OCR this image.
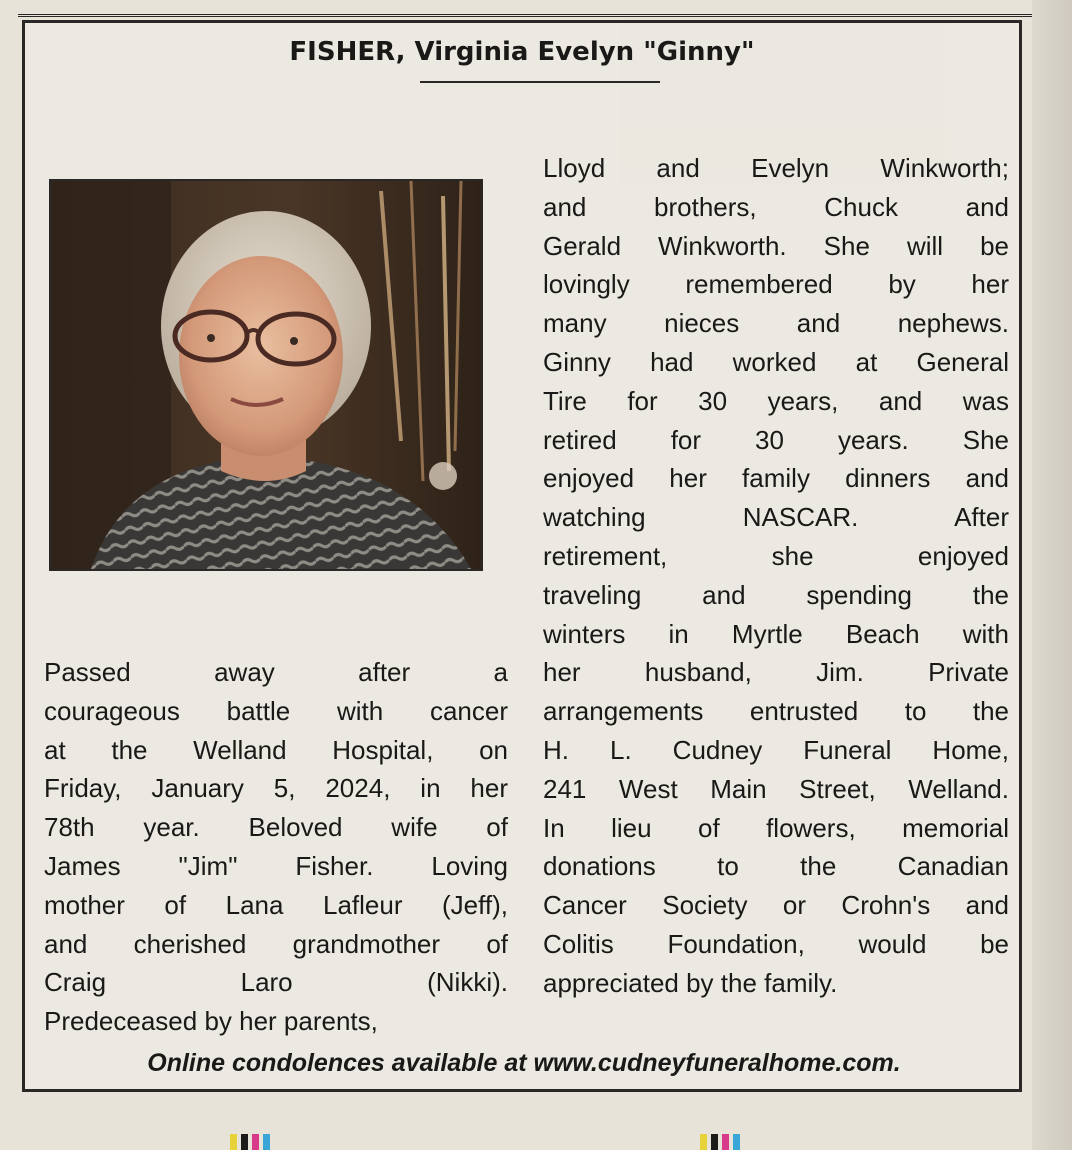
FISHER, Virginia Evelyn "Ginny"
Passed away after a
courageous battle with cancer
at the Welland Hospital, on
Friday, January 5, 2024, in her
78th year. Beloved wife of
James "Jim" Fisher. Loving
mother of Lana Lafleur (Jeff),
and cherished grandmother of
Craig Laro (Nikki).
Predeceased by her parents,
Lloyd and Evelyn Winkworth;
and brothers, Chuck and
Gerald Winkworth. She will be
lovingly remembered by her
many nieces and nephews.
Ginny had worked at General
Tire for 30 years, and was
retired for 30 years. She
enjoyed her family dinners and
watching NASCAR. After
retirement, she enjoyed
traveling and spending the
winters in Myrtle Beach with
her husband, Jim. Private
arrangements entrusted to the
H. L. Cudney Funeral Home,
241 West Main Street, Welland.
In lieu of flowers, memorial
donations to the Canadian
Cancer Society or Crohn's and
Colitis Foundation, would be
appreciated by the family.
Online condolences available at www.cudneyfuneralhome.com.
